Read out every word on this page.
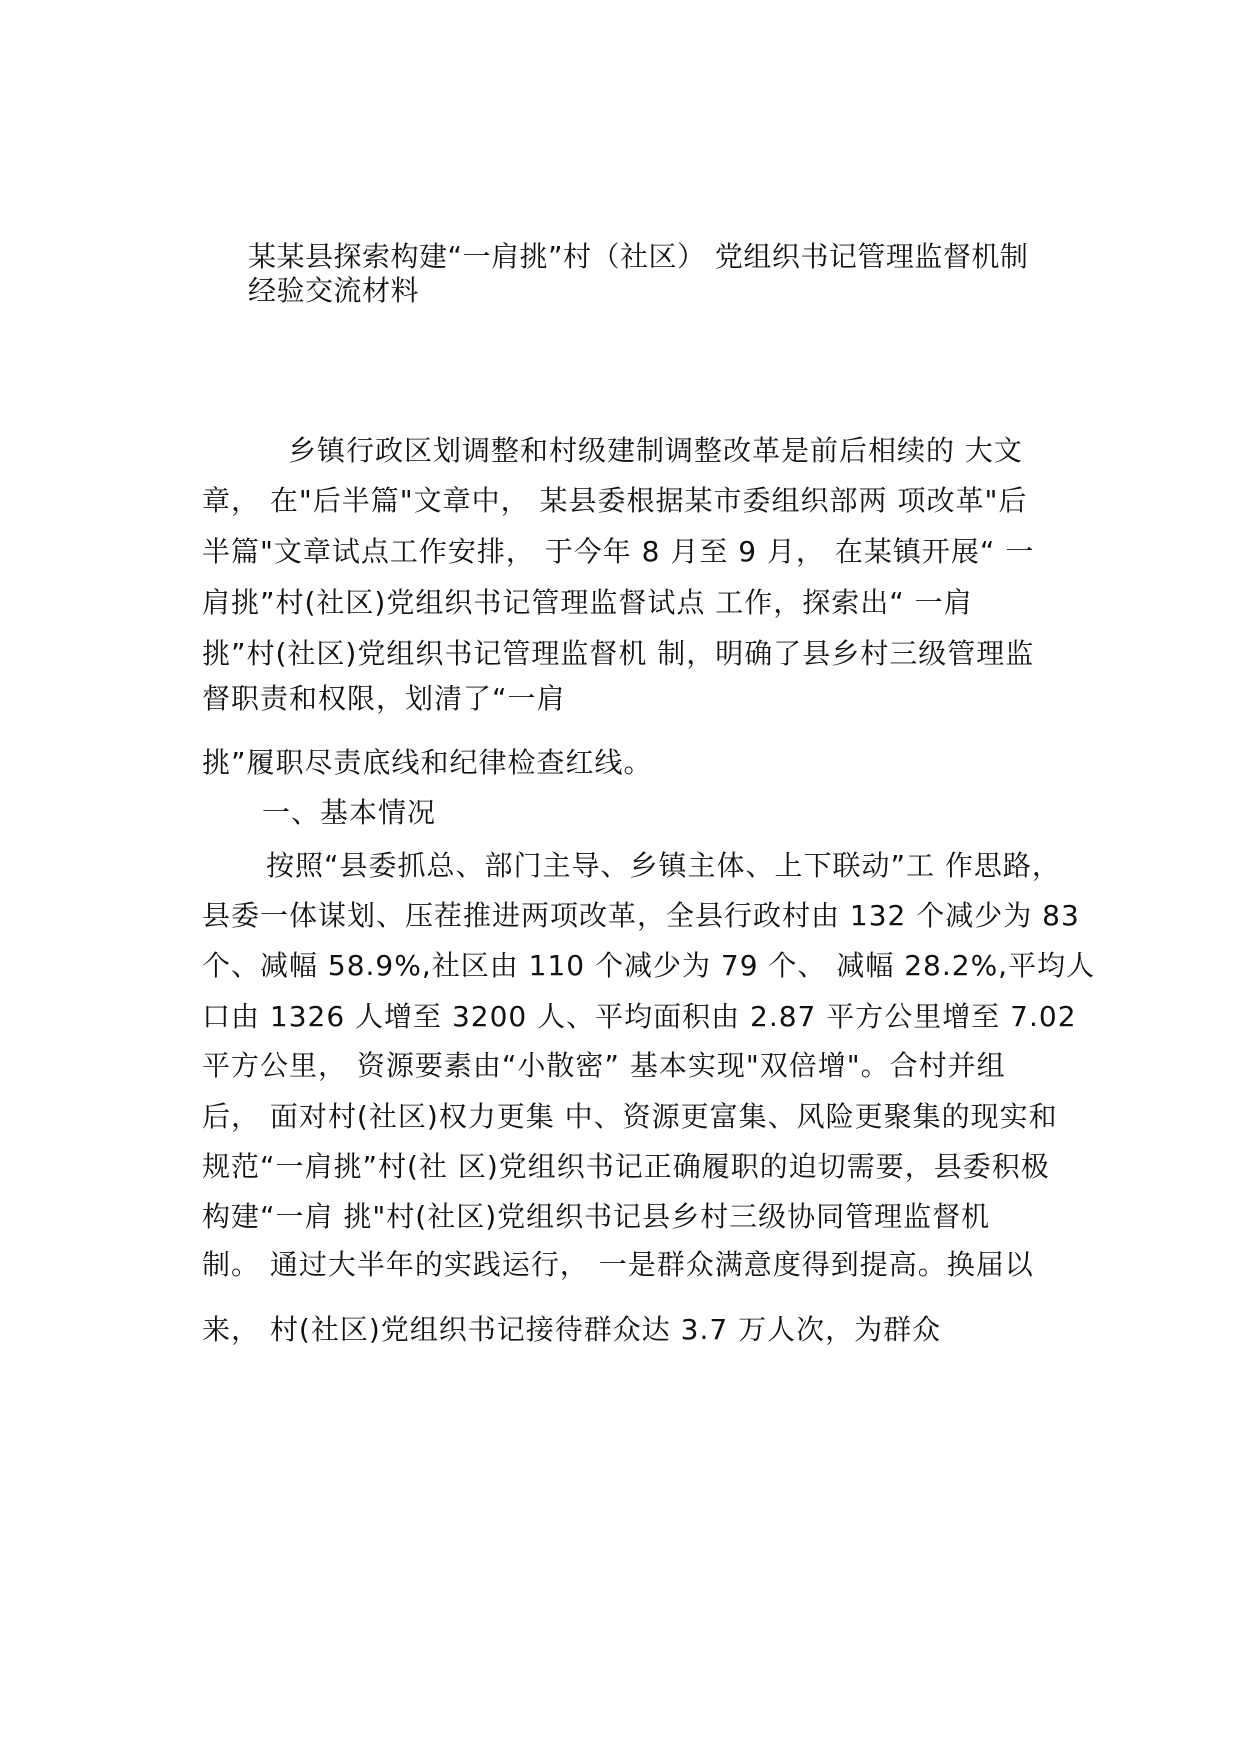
某某县探索构建“一肩挑”村（社区） 党组织书记管理监督机制经验交流材料
乡镇行政区划调整和村级建制调整改革是前后相续的 大文
章， 在"后半篇"文章中， 某县委根据某市委组织部两 项改革"后
半篇"文章试点工作安排， 于今年 8 月至 9 月， 在某镇开展“ 一
肩挑”村(社区)党组织书记管理监督试点 工作，探索出“ 一肩
挑”村(社区)党组织书记管理监督机 制，明确了县乡村三级管理监
督职责和权限，划清了“一肩
挑”履职尽责底线和纪律检查红线。
一、基本情况
按照“县委抓总、部门主导、乡镇主体、上下联动”工 作思路，
县委一体谋划、压茬推进两项改革，全县行政村由 132 个减少为 83
个、减幅 58.9%,社区由 110 个减少为 79 个、 减幅 28.2%,平均人
口由 1326 人增至 3200 人、平均面积由 2.87 平方公里增至 7.02
平方公里， 资源要素由“小散密” 基本实现"双倍增"。合村并组
后， 面对村(社区)权力更集 中、资源更富集、风险更聚集的现实和
规范“一肩挑”村(社 区)党组织书记正确履职的迫切需要，县委积极
构建“一肩 挑"村(社区)党组织书记县乡村三级协同管理监督机
制。 通过大半年的实践运行， 一是群众满意度得到提高。换届以
来， 村(社区)党组织书记接待群众达 3.7 万人次，为群众
